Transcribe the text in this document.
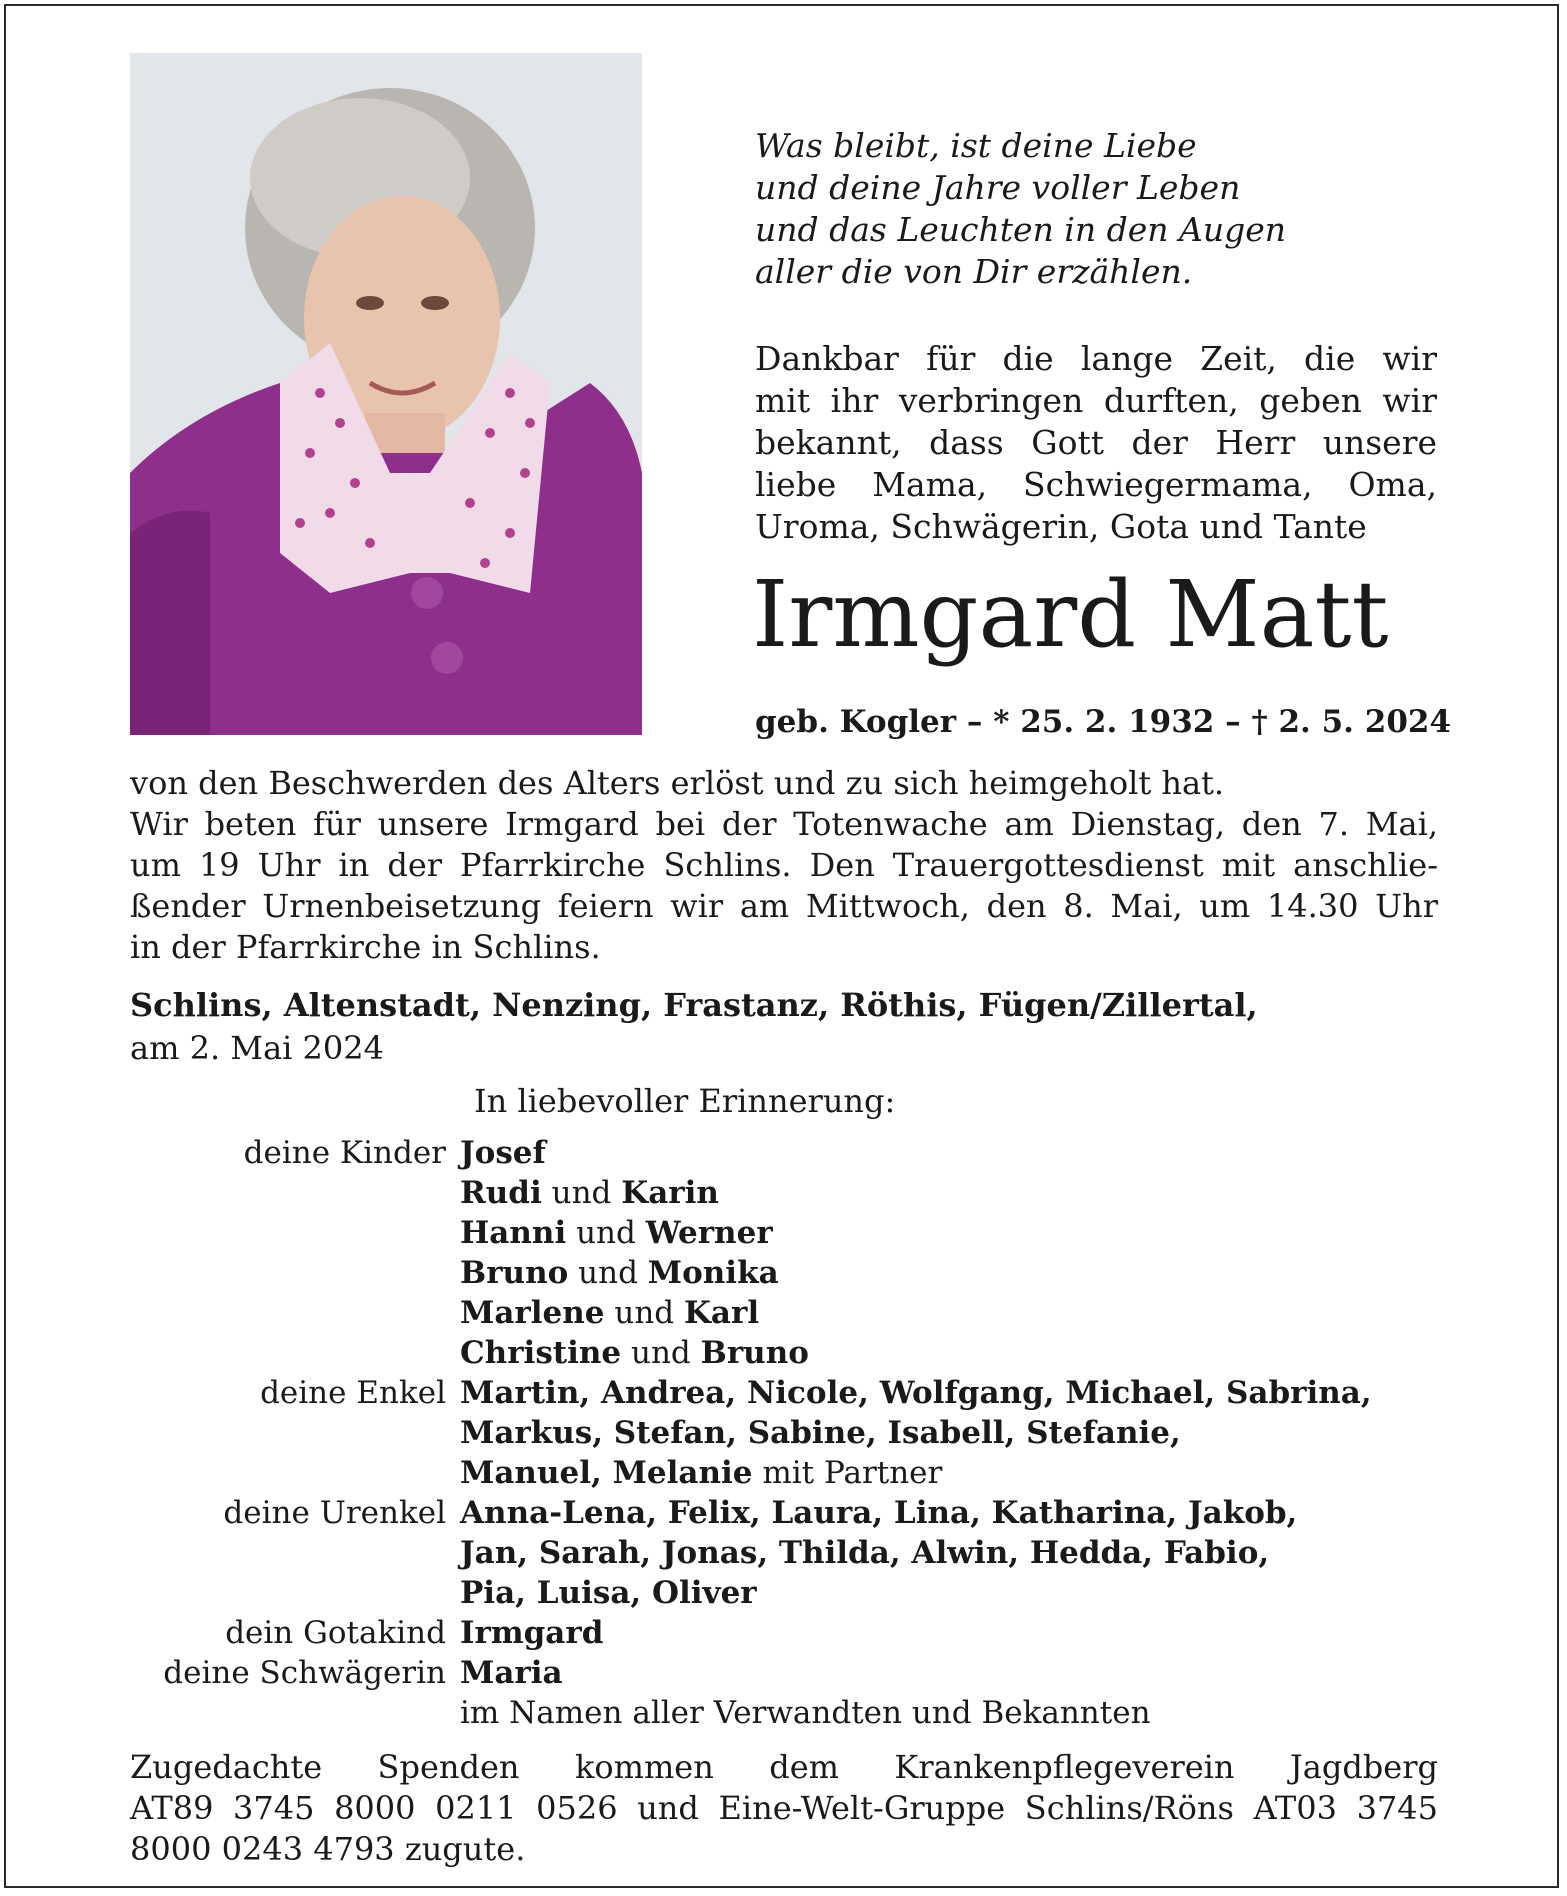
Was bleibt, ist deine Liebe
und deine Jahre voller Leben
und das Leuchten in den Augen
aller die von Dir erzählen.
Dankbar für die lange Zeit, die wir
mit ihr verbringen durften, geben wir
bekannt, dass Gott der Herr unsere
liebe Mama, Schwiegermama, Oma,
Uroma, Schwägerin, Gota und Tante
Irmgard Matt
geb. Kogler – * 25. 2. 1932 – † 2. 5. 2024
von den Beschwerden des Alters erlöst und zu sich heimgeholt hat.
Wir beten für unsere Irmgard bei der Totenwache am Dienstag, den 7. Mai,
um 19 Uhr in der Pfarrkirche Schlins. Den Trauergottesdienst mit anschlie-
ßender Urnenbeisetzung feiern wir am Mittwoch, den 8. Mai, um 14.30 Uhr
in der Pfarrkirche in Schlins.
Schlins, Altenstadt, Nenzing, Frastanz, Röthis, Fügen/Zillertal,
am 2. Mai 2024
In liebevoller Erinnerung:
deine Kinder Josef
Rudi und Karin
Hanni und Werner
Bruno und Monika
Marlene und Karl
Christine und Bruno
deine Enkel Martin, Andrea, Nicole, Wolfgang, Michael, Sabrina,
Markus, Stefan, Sabine, Isabell, Stefanie,
Manuel, Melanie mit Partner
deine Urenkel Anna-Lena, Felix, Laura, Lina, Katharina, Jakob,
Jan, Sarah, Jonas, Thilda, Alwin, Hedda, Fabio,
Pia, Luisa, Oliver
dein Gotakind Irmgard
deine Schwägerin Maria
im Namen aller Verwandten und Bekannten
Zugedachte Spenden kommen dem Krankenpflegeverein Jagdberg
AT89 3745 8000 0211 0526 und Eine-Welt-Gruppe Schlins/Röns AT03 3745
8000 0243 4793 zugute.
